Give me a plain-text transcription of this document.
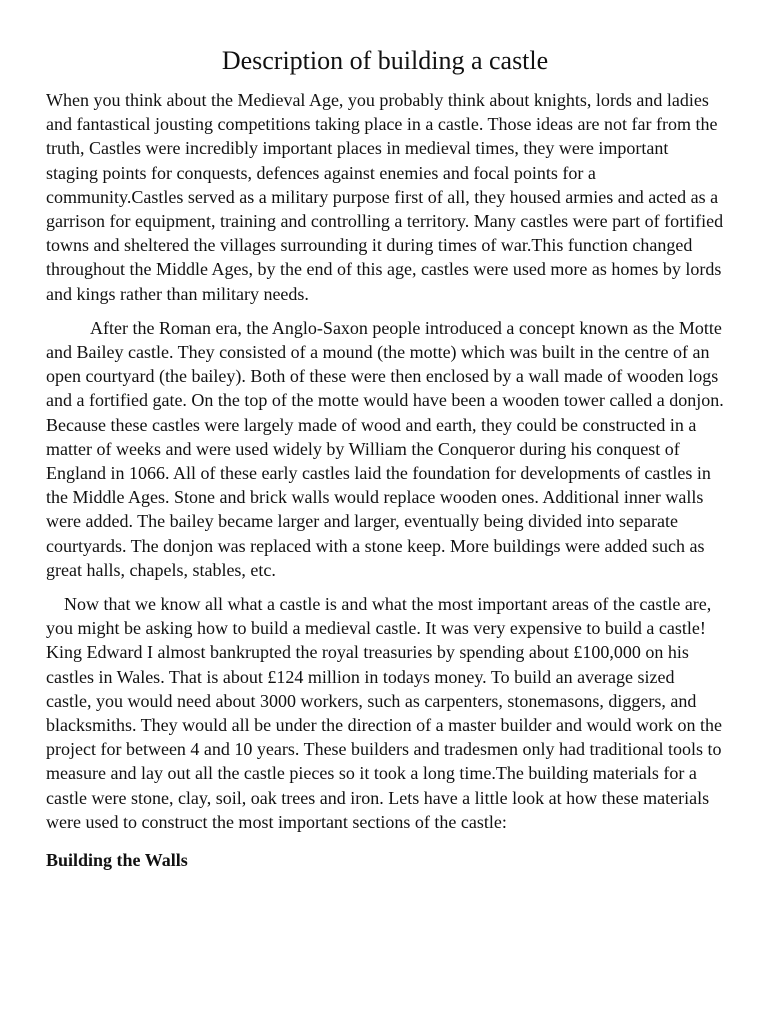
Description of building a castle

When you think about the Medieval Age, you probably think about knights, lords and ladies and fantastical jousting competitions taking place in a castle. Those ideas are not far from the truth, Castles were incredibly important places in medieval times, they were important staging points for conquests, defences against enemies and focal points for a community.Castles served as a military purpose first of all, they housed armies and acted as a garrison for equipment, training and controlling a territory. Many castles were part of fortified towns and sheltered the villages surrounding it during times of war.This function changed throughout the Middle Ages, by the end of this age, castles were used more as homes by lords and kings rather than military needs.

After the Roman era, the Anglo-Saxon people introduced a concept known as the Motte and Bailey castle. They consisted of a mound (the motte) which was built in the centre of an open courtyard (the bailey). Both of these were then enclosed by a wall made of wooden logs and a fortified gate. On the top of the motte would have been a wooden tower called a donjon. Because these castles were largely made of wood and earth, they could be constructed in a matter of weeks and were used widely by William the Conqueror during his conquest of England in 1066. All of these early castles laid the foundation for developments of castles in the Middle Ages. Stone and brick walls would replace wooden ones. Additional inner walls were added. The bailey became larger and larger, eventually being divided into separate courtyards. The donjon was replaced with a stone keep. More buildings were added such as great halls, chapels, stables, etc.

Now that we know all what a castle is and what the most important areas of the castle are, you might be asking how to build a medieval castle. It was very expensive to build a castle! King Edward I almost bankrupted the royal treasuries by spending about £100,000 on his castles in Wales. That is about £124 million in todays money. To build an average sized castle, you would need about 3000 workers, such as carpenters, stonemasons, diggers, and blacksmiths. They would all be under the direction of a master builder and would work on the project for between 4 and 10 years. These builders and tradesmen only had traditional tools to measure and lay out all the castle pieces so it took a long time.The building materials for a castle were stone, clay, soil, oak trees and iron. Lets have a little look at how these materials were used to construct the most important sections of the castle:

Building the Walls
